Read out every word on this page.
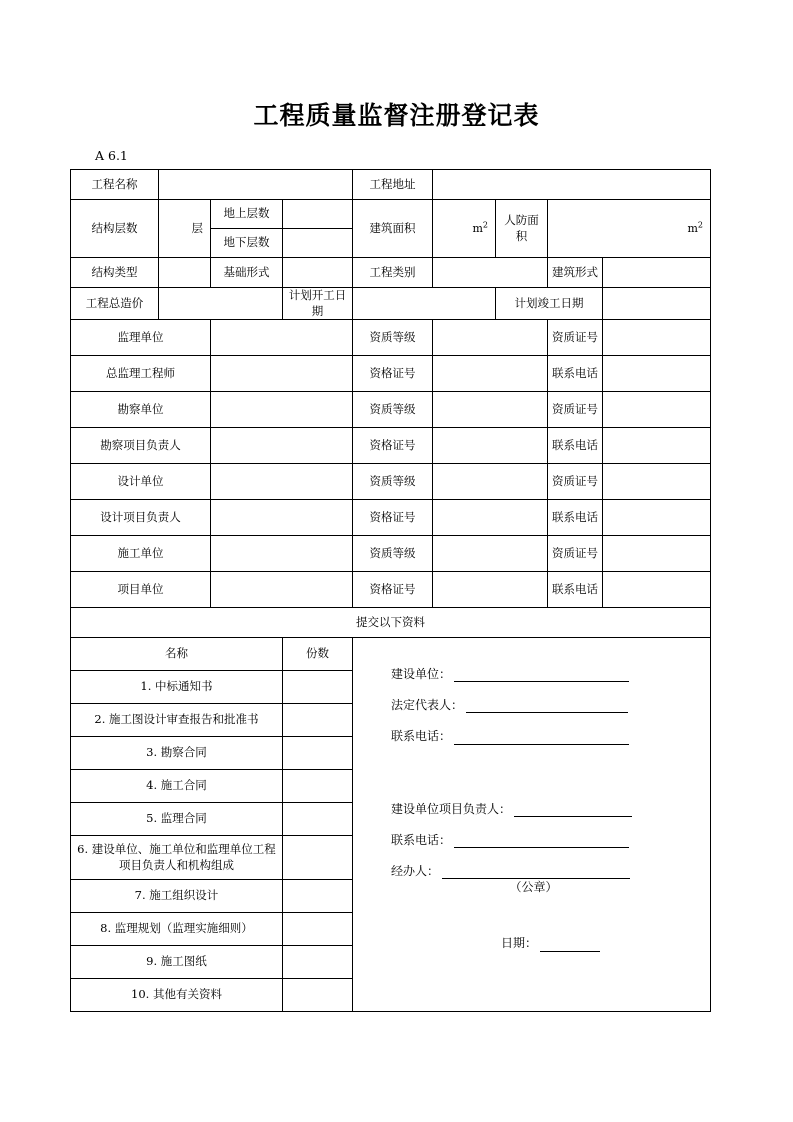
工程质量监督注册登记表
A 6.1
工程名称				工程地址				
结构层数	层	地上层数		建筑面积	$m^2$	人防面积	$m^2$
		地下层数						
结构类型		基础形式		工程类别			建筑形式	
工程总造价			计划开工日期			计划竣工日期		
监理单位				资质等级			资质证号	
总监理工程师				资格证号			联系电话	
勘察单位				资质等级			资质证号	
勘察项目负责人				资格证号			联系电话	
设计单位				资质等级			资质证号	
设计项目负责人				资格证号			联系电话	
施工单位				资质等级			资质证号	
项目单位				资格证号			联系电话	
提交以下资料								
名称	份数	
建设单位：
法定代表人：
联系电话：
建设单位项目负责人：
联系电话：
经办人：
（公章）
日期：

1. 中标通知书								
2. 施工图设计审查报告和批准书								
3. 勘察合同								
4. 施工合同								
5. 监理合同								
6. 建设单位、施工单位和监理单位工程项目负责人和机构组成								
7. 施工组织设计								
8. 监理规划（监理实施细则）								
9. 施工图纸								
10. 其他有关资料								
